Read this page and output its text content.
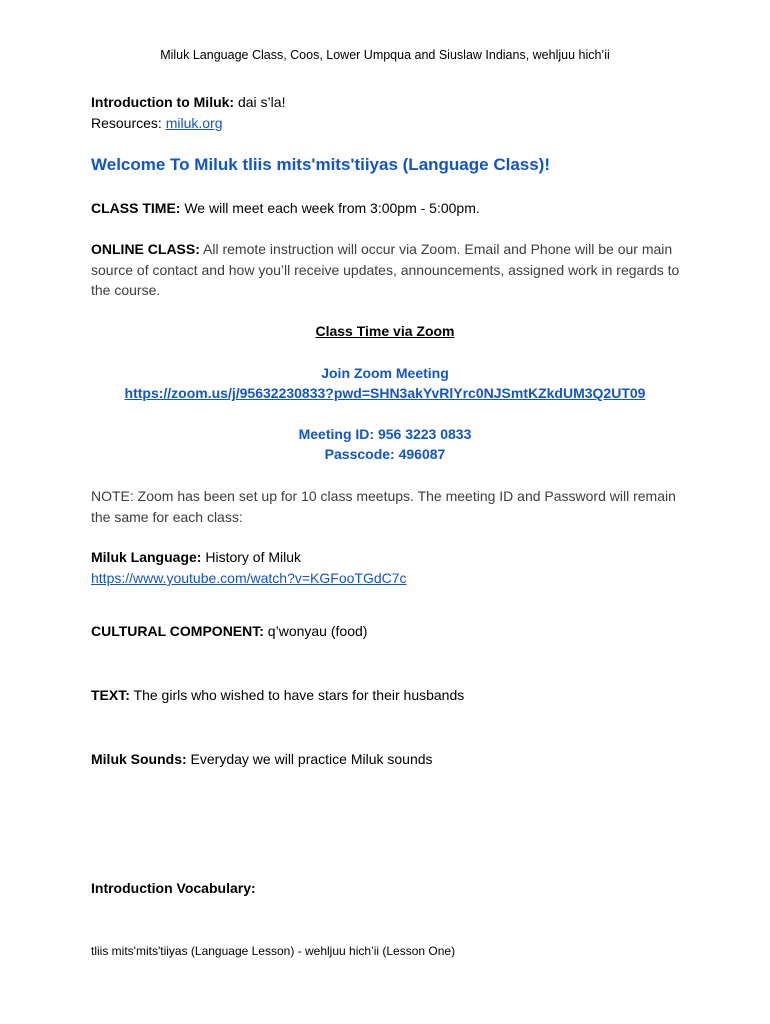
Miluk Language Class, Coos, Lower Umpqua and Siuslaw Indians, wehljuu hich’ii
Introduction to Miluk: dai s’la!
Resources: miluk.org
Welcome To Miluk tliis mits'mits'tiiyas (Language Class)!
CLASS TIME: We will meet each week from 3:00pm - 5:00pm.
ONLINE CLASS: All remote instruction will occur via Zoom. Email and Phone will be our main source of contact and how you’ll receive updates, announcements, assigned work in regards to the course.
Class Time via Zoom
Join Zoom Meeting
https://zoom.us/j/95632230833?pwd=SHN3akYvRlYrc0NJSmtKZkdUM3Q2UT09
Meeting ID: 956 3223 0833
Passcode: 496087
NOTE: Zoom has been set up for 10 class meetups. The meeting ID and Password will remain the same for each class:
Miluk Language: History of Miluk
https://www.youtube.com/watch?v=KGFooTGdC7c
CULTURAL COMPONENT: q’wonyau (food)
TEXT: The girls who wished to have stars for their husbands
Miluk Sounds: Everyday we will practice Miluk sounds
Introduction Vocabulary:
tliis mits'mits'tiiyas (Language Lesson) - wehljuu hich’ii (Lesson One)
